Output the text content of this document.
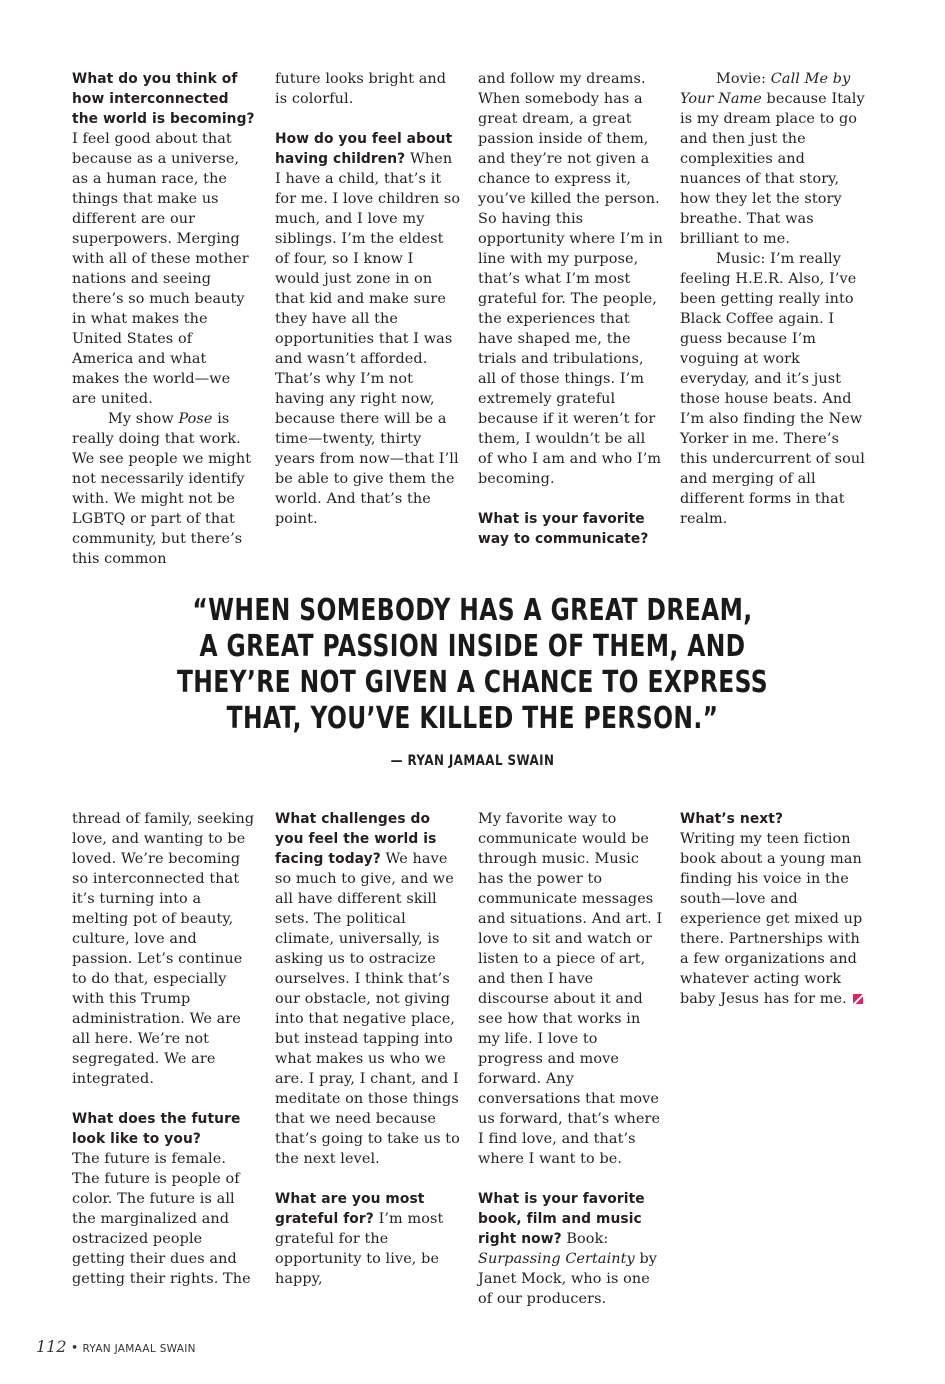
What do you think of how interconnected the world is becoming? I feel good about that because as a universe, as a human race, the things that make us different are our superpowers. Merging with all of these mother nations and seeing there’s so much beauty in what makes the United States of America and what makes the world—we are united.

My show Pose is really doing that work. We see people we might not necessarily identify with. We might not be LGBTQ or part of that community, but there’s this common

future looks bright and is colorful.

How do you feel about having children? When I have a child, that’s it for me. I love children so much, and I love my siblings. I’m the eldest of four, so I know I would just zone in on that kid and make sure they have all the opportunities that I was and wasn’t afforded. That’s why I’m not having any right now, because there will be a time—twenty, thirty years from now—that I’ll be able to give them the world. And that’s the point.

and follow my dreams. When somebody has a great dream, a great passion inside of them, and they’re not given a chance to express it, you’ve killed the person. So having this opportunity where I’m in line with my purpose, that’s what I’m most grateful for. The people, the experiences that have shaped me, the trials and tribulations, all of those things. I’m extremely grateful because if it weren’t for them, I wouldn’t be all of who I am and who I’m becoming.

What is your favorite way to communicate?

Movie: Call Me by Your Name because Italy is my dream place to go and then just the complexities and nuances of that story, how they let the story breathe. That was brilliant to me.

Music: I’m really feeling H.E.R. Also, I’ve been getting really into Black Coffee again. I guess because I’m voguing at work everyday, and it’s just those house beats. And I’m also finding the New Yorker in me. There’s this undercurrent of soul and merging of all different forms in that realm.

“WHEN SOMEBODY HAS A GREAT DREAM,
A GREAT PASSION INSIDE OF THEM, AND
THEY’RE NOT GIVEN A CHANCE TO EXPRESS
THAT, YOU’VE KILLED THE PERSON.”
— RYAN JAMAAL SWAIN

thread of family, seeking love, and wanting to be loved. We’re becoming so interconnected that it’s turning into a melting pot of beauty, culture, love and passion. Let’s continue to do that, especially with this Trump administration. We are all here. We’re not segregated. We are integrated.

What does the future look like to you?

The future is female. The future is people of color. The future is all the marginalized and ostracized people getting their dues and getting their rights. The

What challenges do you feel the world is facing today? We have so much to give, and we all have different skill sets. The political climate, universally, is asking us to ostracize ourselves. I think that’s our obstacle, not giving into that negative place, but instead tapping into what makes us who we are. I pray, I chant, and I meditate on those things that we need because that’s going to take us to the next level.

What are you most grateful for? I’m most grateful for the opportunity to live, be happy,

My favorite way to communicate would be through music. Music has the power to communicate messages and situations. And art. I love to sit and watch or listen to a piece of art, and then I have discourse about it and see how that works in my life. I love to progress and move forward. Any conversations that move us forward, that’s where I find love, and that’s where I want to be.

What is your favorite book, film and music right now? Book: Surpassing Certainty by Janet Mock, who is one of our producers.

What’s next?

Writing my teen fiction book about a young man finding his voice in the south—love and experience get mixed up there. Partnerships with a few organizations and whatever acting work baby Jesus has for me.

112 • RYAN JAMAAL SWAIN
